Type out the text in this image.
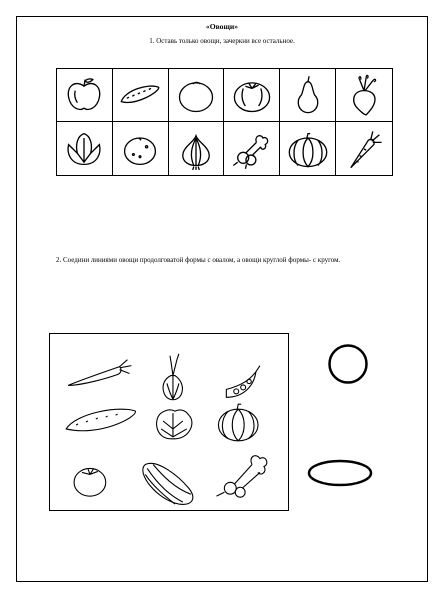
«Овощи»
1. Оставь только овощи, зачеркни все остальное.
2. Соедини линиями овощи продолговатой формы с овалом, а овощи круглой формы- с кругом.
